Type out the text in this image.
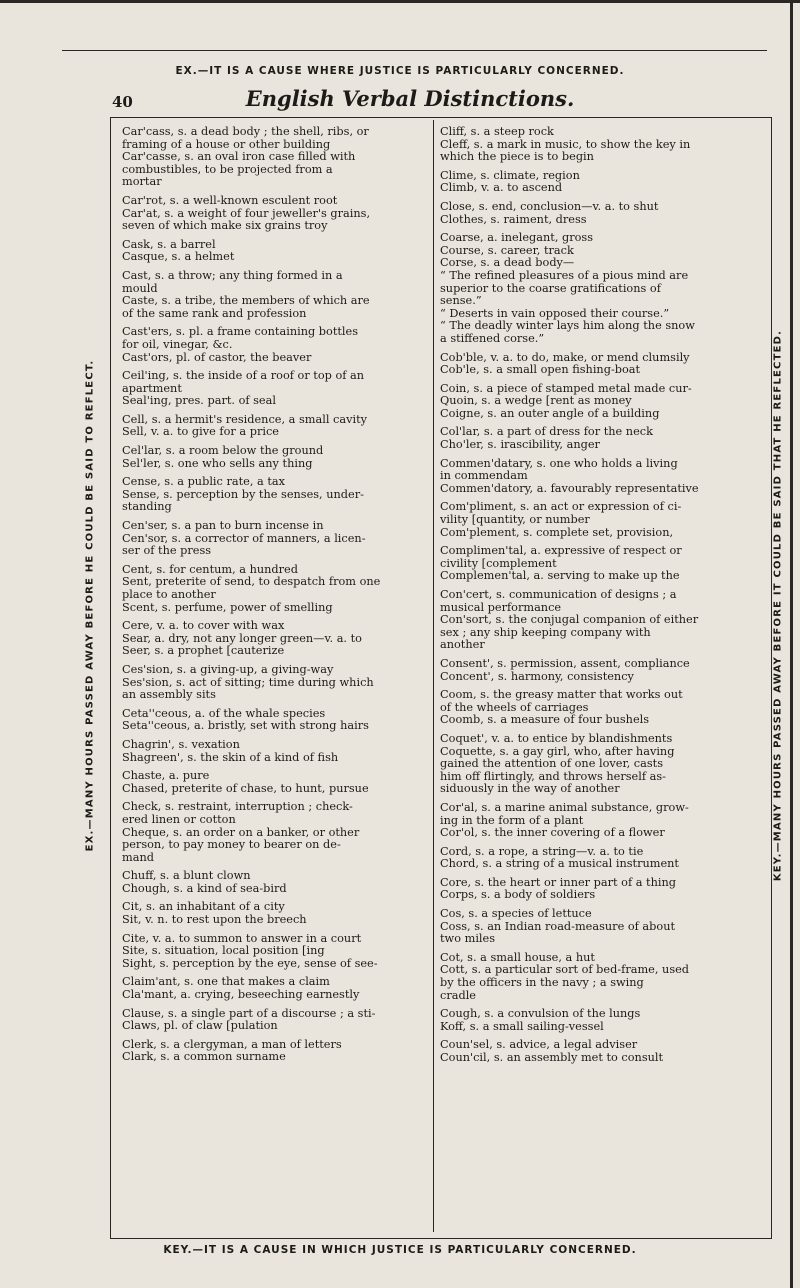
EX.—IT IS A CAUSE WHERE JUSTICE IS PARTICULARLY CONCERNED.
KEY.—IT IS A CAUSE IN WHICH JUSTICE IS PARTICULARLY CONCERNED.
EX.—MANY HOURS PASSED AWAY BEFORE HE COULD BE SAID TO REFLECT.	KEY.—MANY HOURS PASSED AWAY BEFORE IT COULD BE SAID THAT HE REFLECTED.
40	English Verbal Distinctions.
Car'cass, s. a dead body ; the shell, ribs, or
framing of a house or other building
Car'casse, s. an oval iron case filled with
combustibles, to be projected from a
mortar
Car'rot, s. a well-known esculent root
Car'at, s. a weight of four jeweller's grains,
seven of which make six grains troy
Cask, s. a barrel
Casque, s. a helmet
Cast, s. a throw; any thing formed in a
mould
Caste, s. a tribe, the members of which are
of the same rank and profession
Cast'ers, s. pl. a frame containing bottles
for oil, vinegar, &c.
Cast'ors, pl. of castor, the beaver
Ceil'ing, s. the inside of a roof or top of an
apartment
Seal'ing, pres. part. of seal
Cell, s. a hermit's residence, a small cavity
Sell, v. a. to give for a price
Cel'lar, s. a room below the ground
Sel'ler, s. one who sells any thing
Cense, s. a public rate, a tax
Sense, s. perception by the senses, under-
standing
Cen'ser, s. a pan to burn incense in
Cen'sor, s. a corrector of manners, a licen-
ser of the press
Cent, s. for centum, a hundred
Sent, preterite of send, to despatch from one
place to another
Scent, s. perfume, power of smelling
Cere, v. a. to cover with wax
Sear, a. dry, not any longer green—v. a. to
Seer, s. a prophet [cauterize
Ces'sion, s. a giving-up, a giving-way
Ses'sion, s. act of sitting; time during which
an assembly sits
Ceta''ceous, a. of the whale species
Seta''ceous, a. bristly, set with strong hairs
Chagrin', s. vexation
Shagreen', s. the skin of a kind of fish
Chaste, a. pure
Chased, preterite of chase, to hunt, pursue
Check, s. restraint, interruption ; check-
ered linen or cotton
Cheque, s. an order on a banker, or other
person, to pay money to bearer on de-
mand
Chuff, s. a blunt clown
Chough, s. a kind of sea-bird
Cit, s. an inhabitant of a city
Sit, v. n. to rest upon the breech
Cite, v. a. to summon to answer in a court
Site, s. situation, local position [ing
Sight, s. perception by the eye, sense of see-
Claim'ant, s. one that makes a claim
Cla'mant, a. crying, beseeching earnestly
Clause, s. a single part of a discourse ; a sti-
Claws, pl. of claw [pulation
Clerk, s. a clergyman, a man of letters
Clark, s. a common surname
Cliff, s. a steep rock
Cleff, s. a mark in music, to show the key in
which the piece is to begin
Clime, s. climate, region
Climb, v. a. to ascend
Close, s. end, conclusion—v. a. to shut
Clothes, s. raiment, dress
Coarse, a. inelegant, gross
Course, s. career, track
Corse, s. a dead body—
“ The refined pleasures of a pious mind are
superior to the coarse gratifications of
sense.”
“ Deserts in vain opposed their course.”
“ The deadly winter lays him along the snow
a stiffened corse.”
Cob'ble, v. a. to do, make, or mend clumsily
Cob'le, s. a small open fishing-boat
Coin, s. a piece of stamped metal made cur-
Quoin, s. a wedge [rent as money
Coigne, s. an outer angle of a building
Col'lar, s. a part of dress for the neck
Cho'ler, s. irascibility, anger
Commen'datary, s. one who holds a living
in commendam
Commen'datory, a. favourably representative
Com'pliment, s. an act or expression of ci-
vility [quantity, or number
Com'plement, s. complete set, provision,
Complimen'tal, a. expressive of respect or
civility [complement
Complemen'tal, a. serving to make up the
Con'cert, s. communication of designs ; a
musical performance
Con'sort, s. the conjugal companion of either
sex ; any ship keeping company with
another
Consent', s. permission, assent, compliance
Concent', s. harmony, consistency
Coom, s. the greasy matter that works out
of the wheels of carriages
Coomb, s. a measure of four bushels
Coquet', v. a. to entice by blandishments
Coquette, s. a gay girl, who, after having
gained the attention of one lover, casts
him off flirtingly, and throws herself as-
siduously in the way of another
Cor'al, s. a marine animal substance, grow-
ing in the form of a plant
Cor'ol, s. the inner covering of a flower
Cord, s. a rope, a string—v. a. to tie
Chord, s. a string of a musical instrument
Core, s. the heart or inner part of a thing
Corps, s. a body of soldiers
Cos, s. a species of lettuce
Coss, s. an Indian road-measure of about
two miles
Cot, s. a small house, a hut
Cott, s. a particular sort of bed-frame, used
by the officers in the navy ; a swing
cradle
Cough, s. a convulsion of the lungs
Koff, s. a small sailing-vessel
Coun'sel, s. advice, a legal adviser
Coun'cil, s. an assembly met to consult
